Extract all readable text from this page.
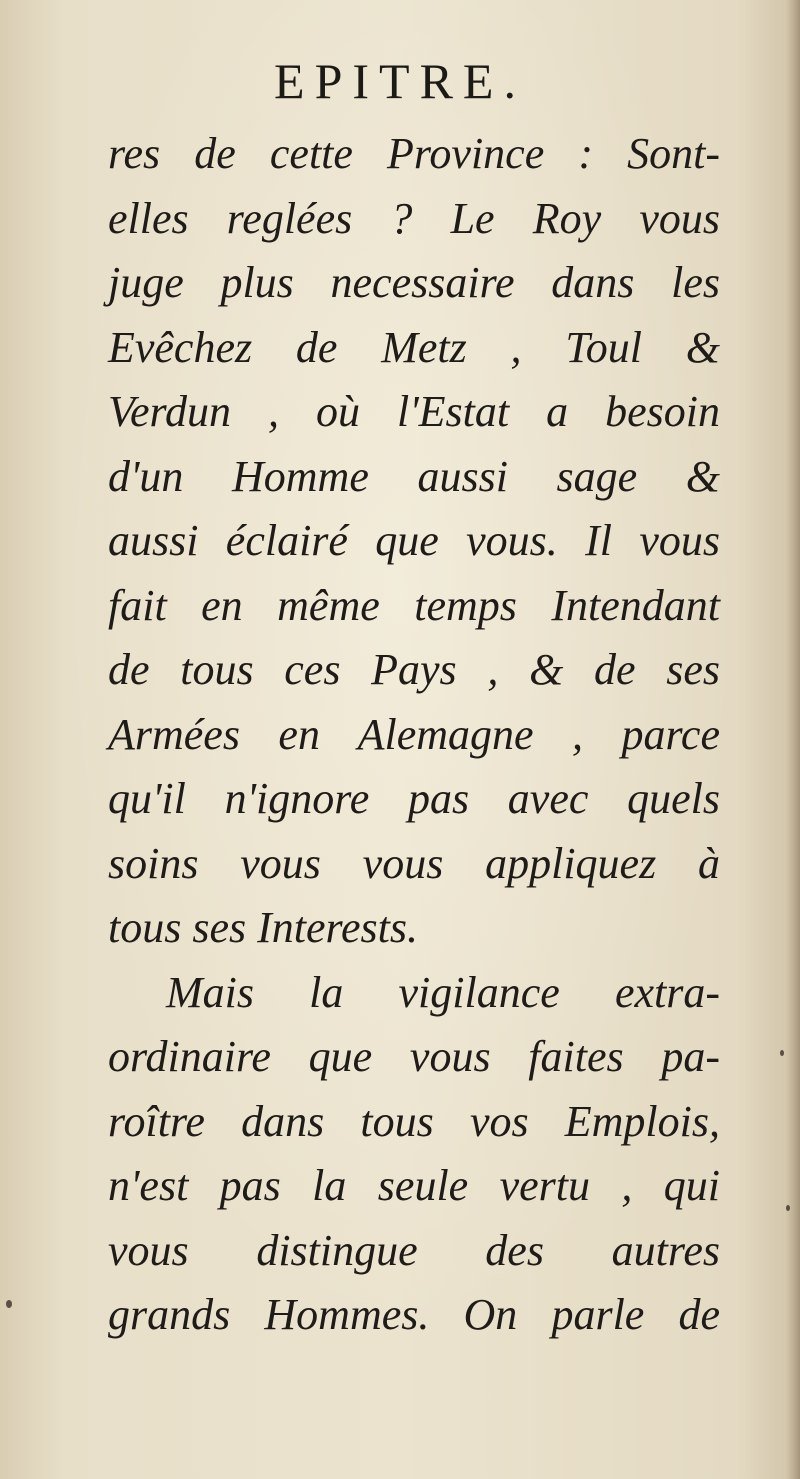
EPITRE.
res de cette Province : Sont-
elles reglées ? Le Roy vous
juge plus necessaire dans les
Evêchez de Metz , Toul &
Verdun , où l'Estat a besoin
d'un Homme aussi sage &
aussi éclairé que vous. Il vous
fait en même temps Intendant
de tous ces Pays , & de ses
Armées en Alemagne , parce
qu'il n'ignore pas avec quels
soins vous vous appliquez à
tous ses Interests.
Mais la vigilance extra-
ordinaire que vous faites pa-
roître dans tous vos Emplois,
n'est pas la seule vertu , qui
vous distingue des autres
grands Hommes. On parle de
